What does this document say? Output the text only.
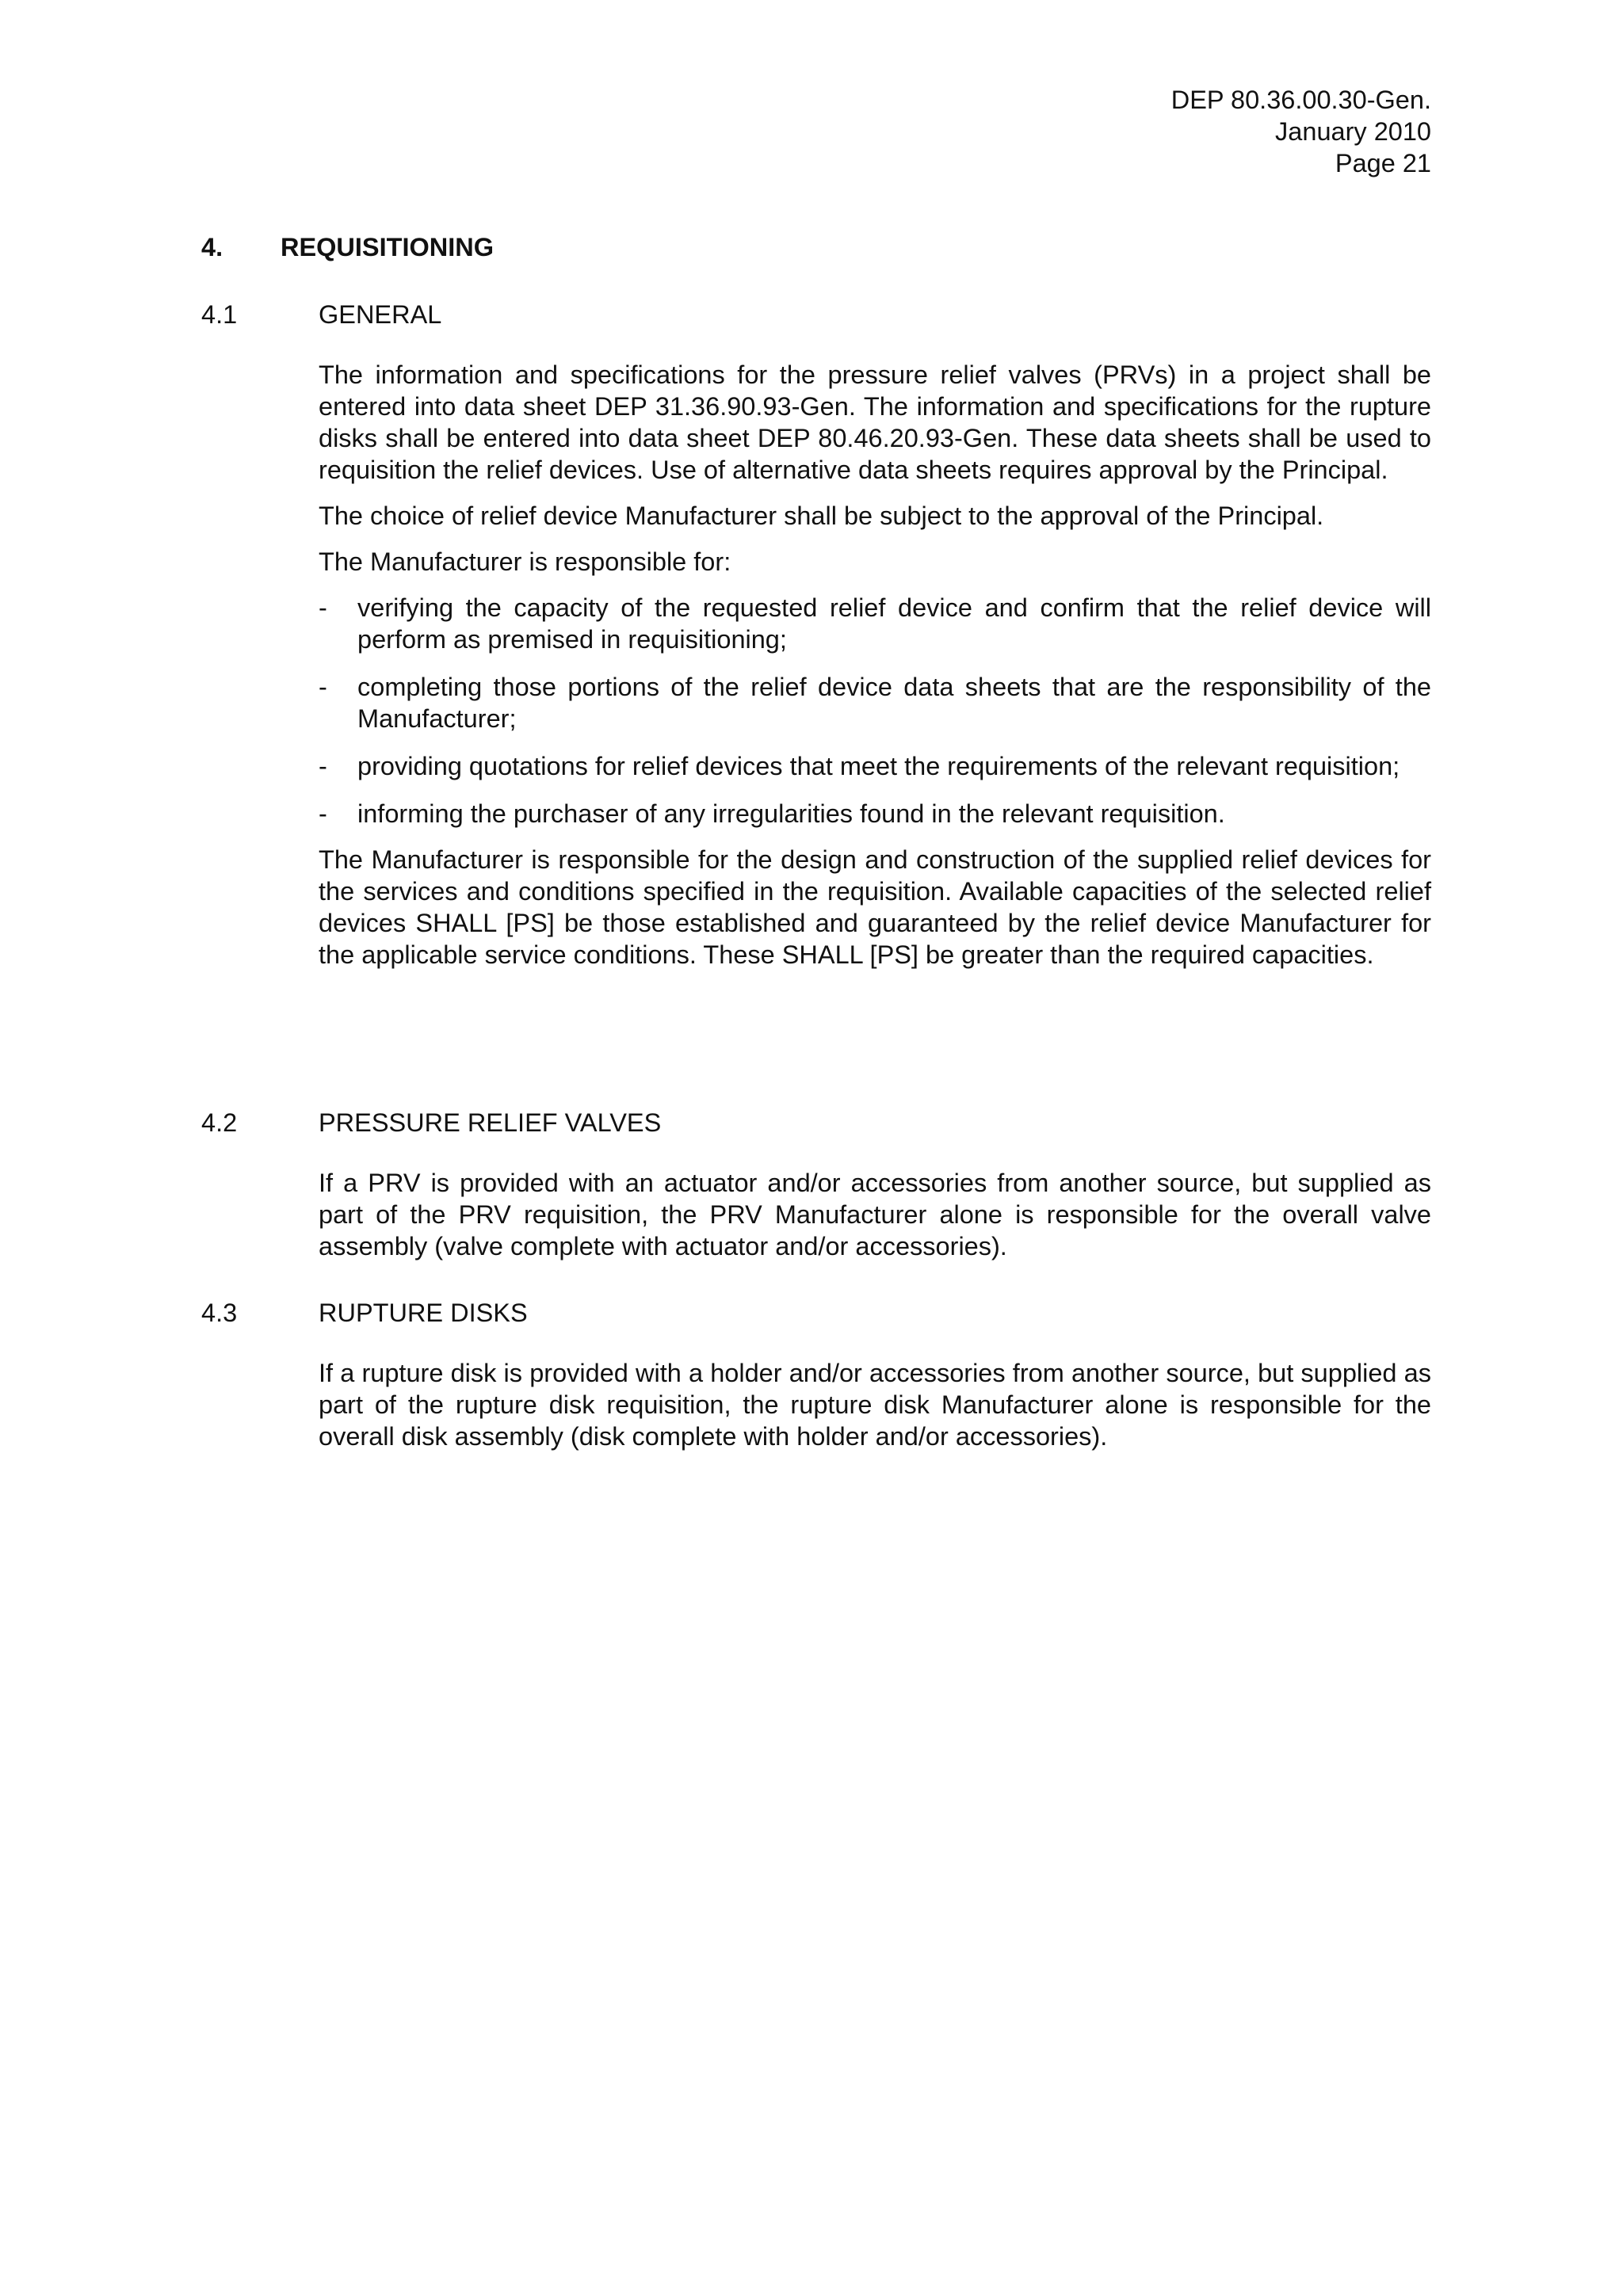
DEP 80.36.00.30-Gen.
January 2010
Page 21
4. REQUISITIONING
4.1	GENERAL

The information and specifications for the pressure relief valves (PRVs) in a project shall be entered into data sheet DEP 31.36.90.93-Gen. The information and specifications for the rupture disks shall be entered into data sheet DEP 80.46.20.93-Gen. These data sheets shall be used to requisition the relief devices. Use of alternative data sheets requires approval by the Principal.

The choice of relief device Manufacturer shall be subject to the approval of the Principal.

The Manufacturer is responsible for:

- verifying the capacity of the requested relief device and confirm that the relief device will perform as premised in requisitioning;
- completing those portions of the relief device data sheets that are the responsibility of the Manufacturer;
- providing quotations for relief devices that meet the requirements of the relevant requisition;
- informing the purchaser of any irregularities found in the relevant requisition.

The Manufacturer is responsible for the design and construction of the supplied relief devices for the services and conditions specified in the requisition. Available capacities of the selected relief devices SHALL [PS] be those established and guaranteed by the relief device Manufacturer for the applicable service conditions. These SHALL [PS] be greater than the required capacities.

4.2	PRESSURE RELIEF VALVES

If a PRV is provided with an actuator and/or accessories from another source, but supplied as part of the PRV requisition, the PRV Manufacturer alone is responsible for the overall valve assembly (valve complete with actuator and/or accessories).

4.3	RUPTURE DISKS

If a rupture disk is provided with a holder and/or accessories from another source, but supplied as part of the rupture disk requisition, the rupture disk Manufacturer alone is responsible for the overall disk assembly (disk complete with holder and/or accessories).
